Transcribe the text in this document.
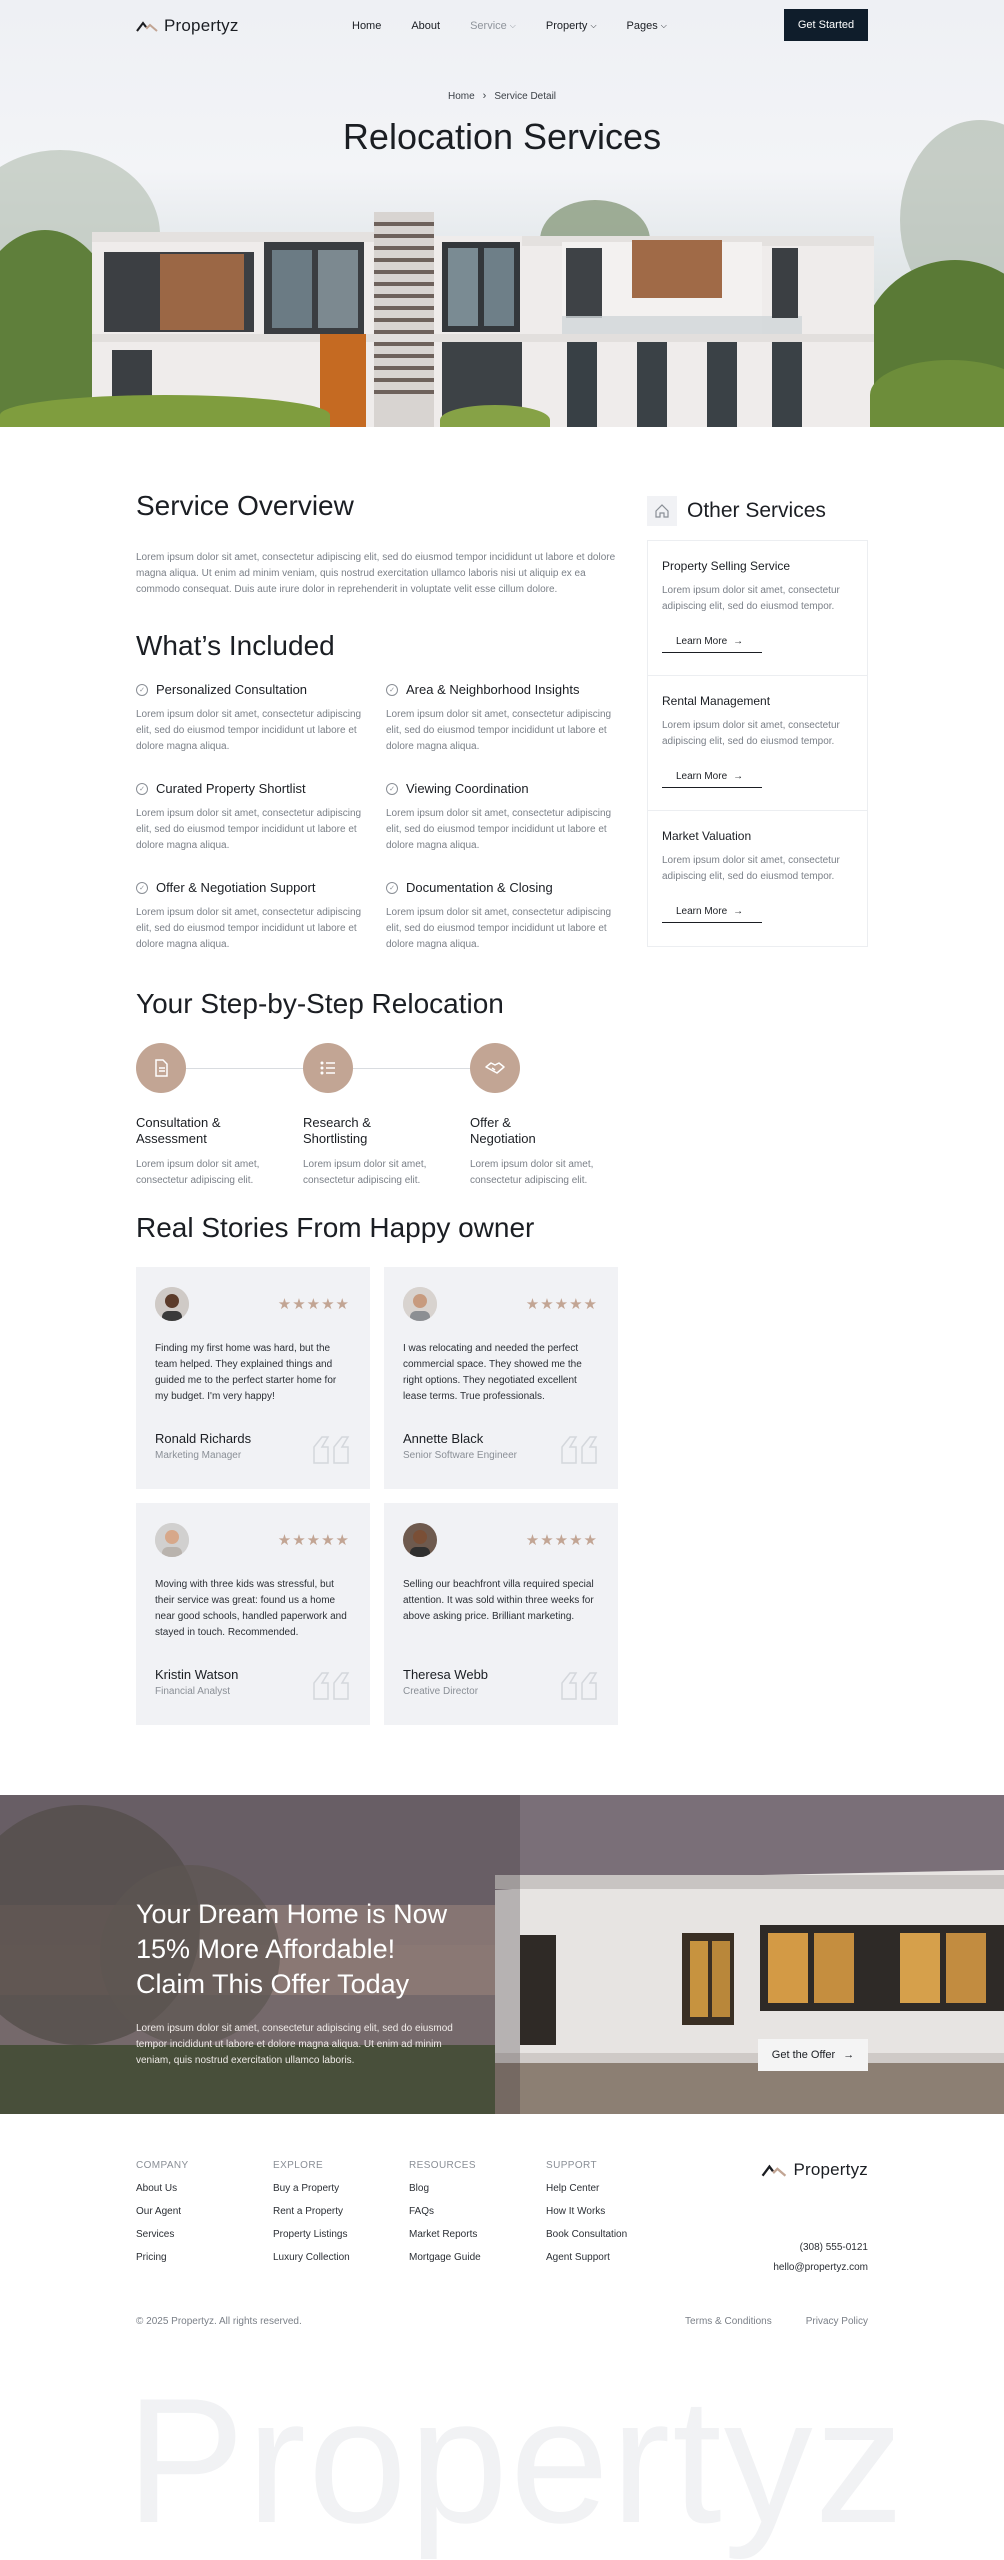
Propertyz	Home	About	Service ⌵	Property ⌵	Pages ⌵	Get Started
Home › Service Detail
Relocation Services
Service Overview

Lorem ipsum dolor sit amet, consectetur adipiscing elit, sed do eiusmod tempor incididunt ut labore et dolore magna aliqua. Ut enim ad minim veniam, quis nostrud exercitation ullamco laboris nisi ut aliquip ex ea commodo consequat. Duis aute irure dolor in reprehenderit in voluptate velit esse cillum dolore.

What’s Included
✓ Personalized Consultation

Lorem ipsum dolor sit amet, consectetur adipiscing elit, sed do eiusmod tempor incididunt ut labore et dolore magna aliqua.

✓ Area & Neighborhood Insights

Lorem ipsum dolor sit amet, consectetur adipiscing elit, sed do eiusmod tempor incididunt ut labore et dolore magna aliqua.

✓ Curated Property Shortlist

Lorem ipsum dolor sit amet, consectetur adipiscing elit, sed do eiusmod tempor incididunt ut labore et dolore magna aliqua.

✓ Viewing Coordination

Lorem ipsum dolor sit amet, consectetur adipiscing elit, sed do eiusmod tempor incididunt ut labore et dolore magna aliqua.

✓ Offer & Negotiation Support

Lorem ipsum dolor sit amet, consectetur adipiscing elit, sed do eiusmod tempor incididunt ut labore et dolore magna aliqua.

✓ Documentation & Closing

Lorem ipsum dolor sit amet, consectetur adipiscing elit, sed do eiusmod tempor incididunt ut labore et dolore magna aliqua.

Your Step-by-Step Relocation
Consultation &
Assessment

Lorem ipsum dolor sit amet, consectetur adipiscing elit.

Research &
Shortlisting

Lorem ipsum dolor sit amet, consectetur adipiscing elit.

Offer &
Negotiation

Lorem ipsum dolor sit amet, consectetur adipiscing elit.

Real Stories From Happy owner
★★★★★

Finding my first home was hard, but the team helped. They explained things and guided me to the perfect starter home for my budget. I'm very happy!

Ronald Richards
Marketing Manager
★★★★★

I was relocating and needed the perfect commercial space. They showed me the right options. They negotiated excellent lease terms. True professionals.

Annette Black
Senior Software Engineer
★★★★★

Moving with three kids was stressful, but their service was great: found us a home near good schools, handled paperwork and stayed in touch. Recommended.

Kristin Watson
Financial Analyst
★★★★★

Selling our beachfront villa required special attention. It was sold within three weeks for above asking price. Brilliant marketing.

Theresa Webb
Creative Director
Other Services
Property Selling Service

Lorem ipsum dolor sit amet, consectetur adipiscing elit, sed do eiusmod tempor.

Learn More →
Rental Management

Lorem ipsum dolor sit amet, consectetur adipiscing elit, sed do eiusmod tempor.

Learn More →
Market Valuation

Lorem ipsum dolor sit amet, consectetur adipiscing elit, sed do eiusmod tempor.

Learn More →
Your Dream Home is Now
15% More Affordable!
Claim This Offer Today

Lorem ipsum dolor sit amet, consectetur adipiscing elit, sed do eiusmod tempor incididunt ut labore et dolore magna aliqua. Ut enim ad minim veniam, quis nostrud exercitation ullamco laboris.	Get the Offer →
COMPANY
About Us
Our Agent
Services
Pricing
EXPLORE
Buy a Property
Rent a Property
Property Listings
Luxury Collection
RESOURCES
Blog
FAQs
Market Reports
Mortgage Guide
SUPPORT
Help Center
How It Works
Book Consultation
Agent Support
Propertyz
(308) 555-0121
hello@propertyz.com
© 2025 Propertyz. All rights reserved.	Terms & Conditions	Privacy Policy
Propertyz
